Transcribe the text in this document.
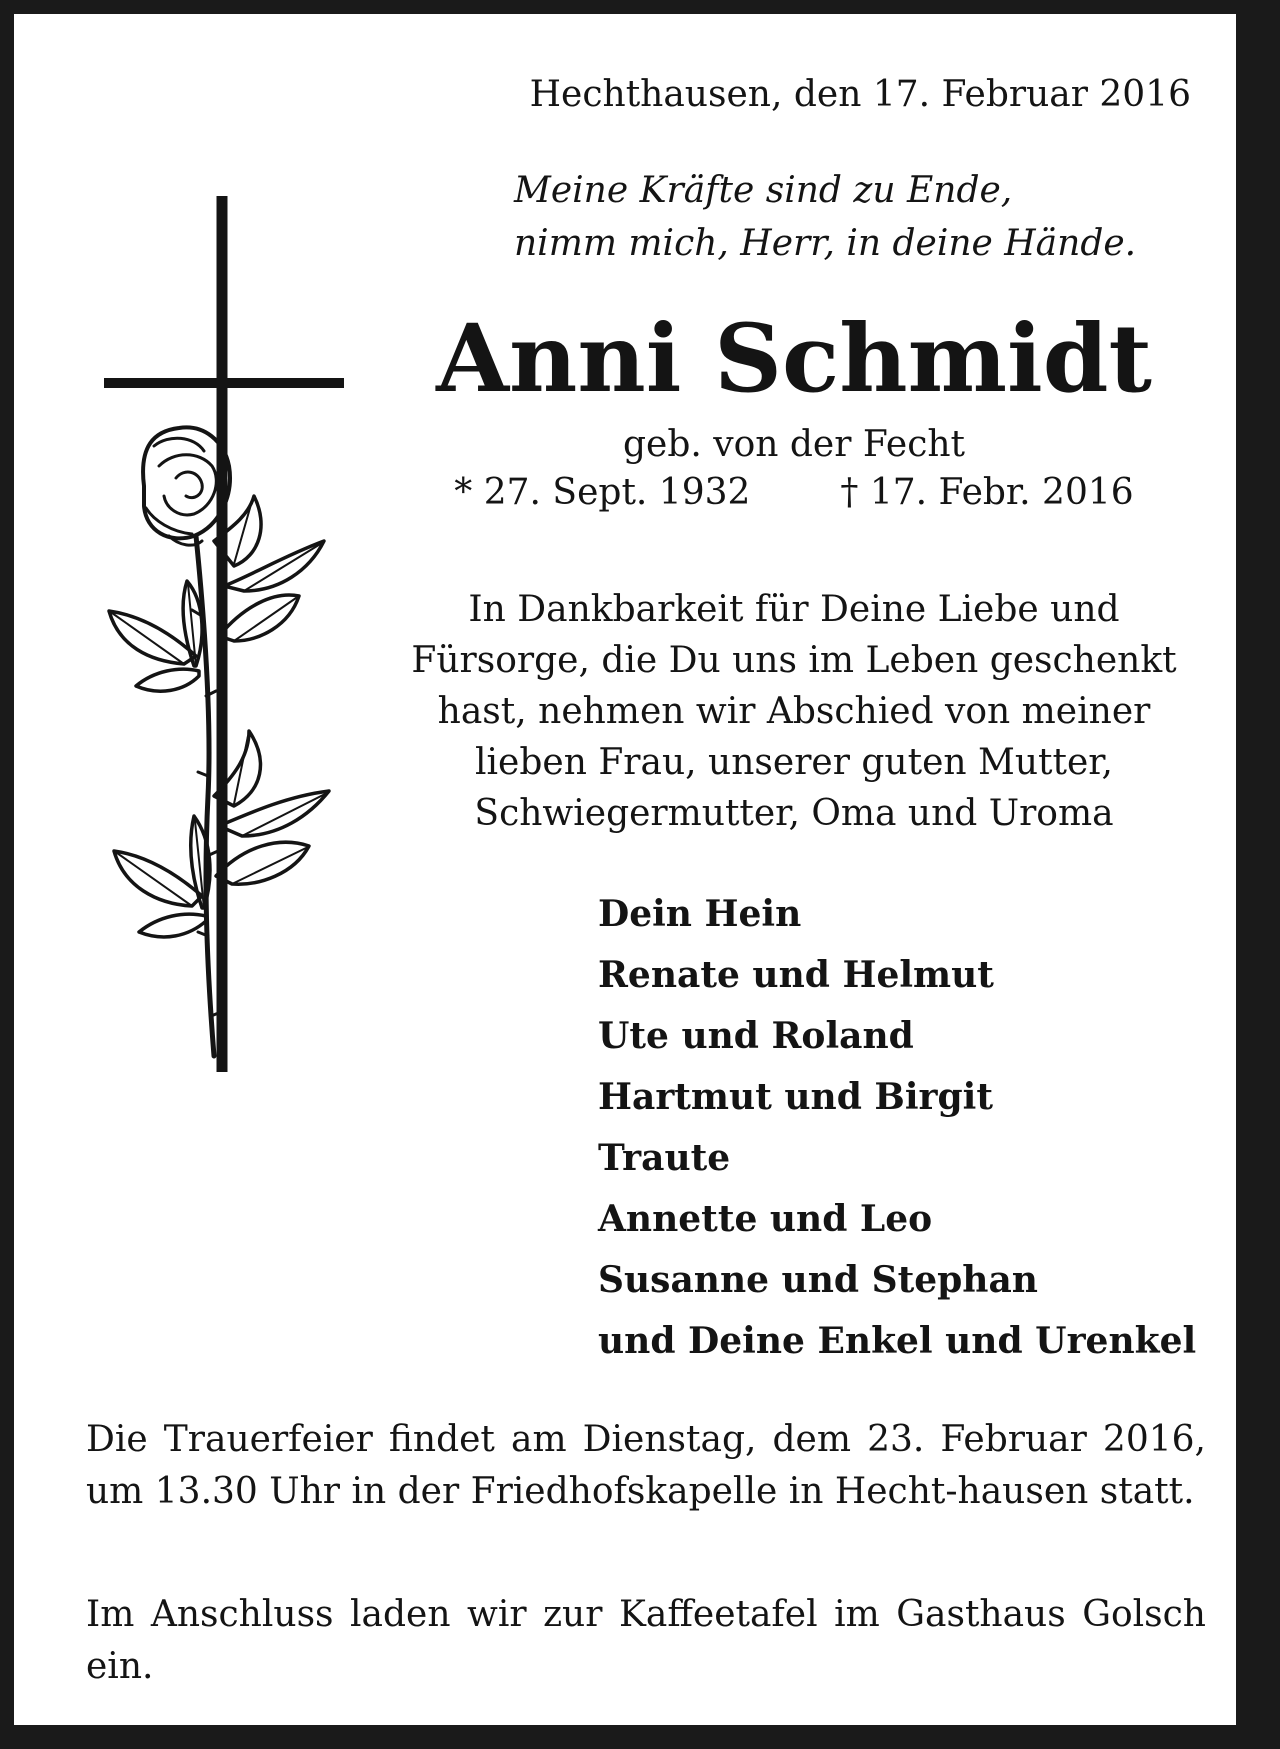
Hechthausen, den 17. Februar 2016

Meine Kräfte sind zu Ende,
nimm mich, Herr, in deine Hände.

Anni Schmidt

geb. von der Fecht

* 27. Sept. 1932	† 17. Febr. 2016

In Dankbarkeit für Deine Liebe und
Fürsorge, die Du uns im Leben geschenkt
hast, nehmen wir Abschied von meiner
lieben Frau, unserer guten Mutter,
Schwiegermutter, Oma und Uroma

Dein Hein
Renate und Helmut
Ute und Roland
Hartmut und Birgit
Traute
Annette und Leo
Susanne und Stephan
und Deine Enkel und Urenkel

Die Trauerfeier findet am Dienstag, dem 23. Februar 2016, um 13.30 Uhr in der Friedhofskapelle in Hecht-hausen statt.

Im Anschluss laden wir zur Kaffeetafel im Gasthaus Golsch ein.
